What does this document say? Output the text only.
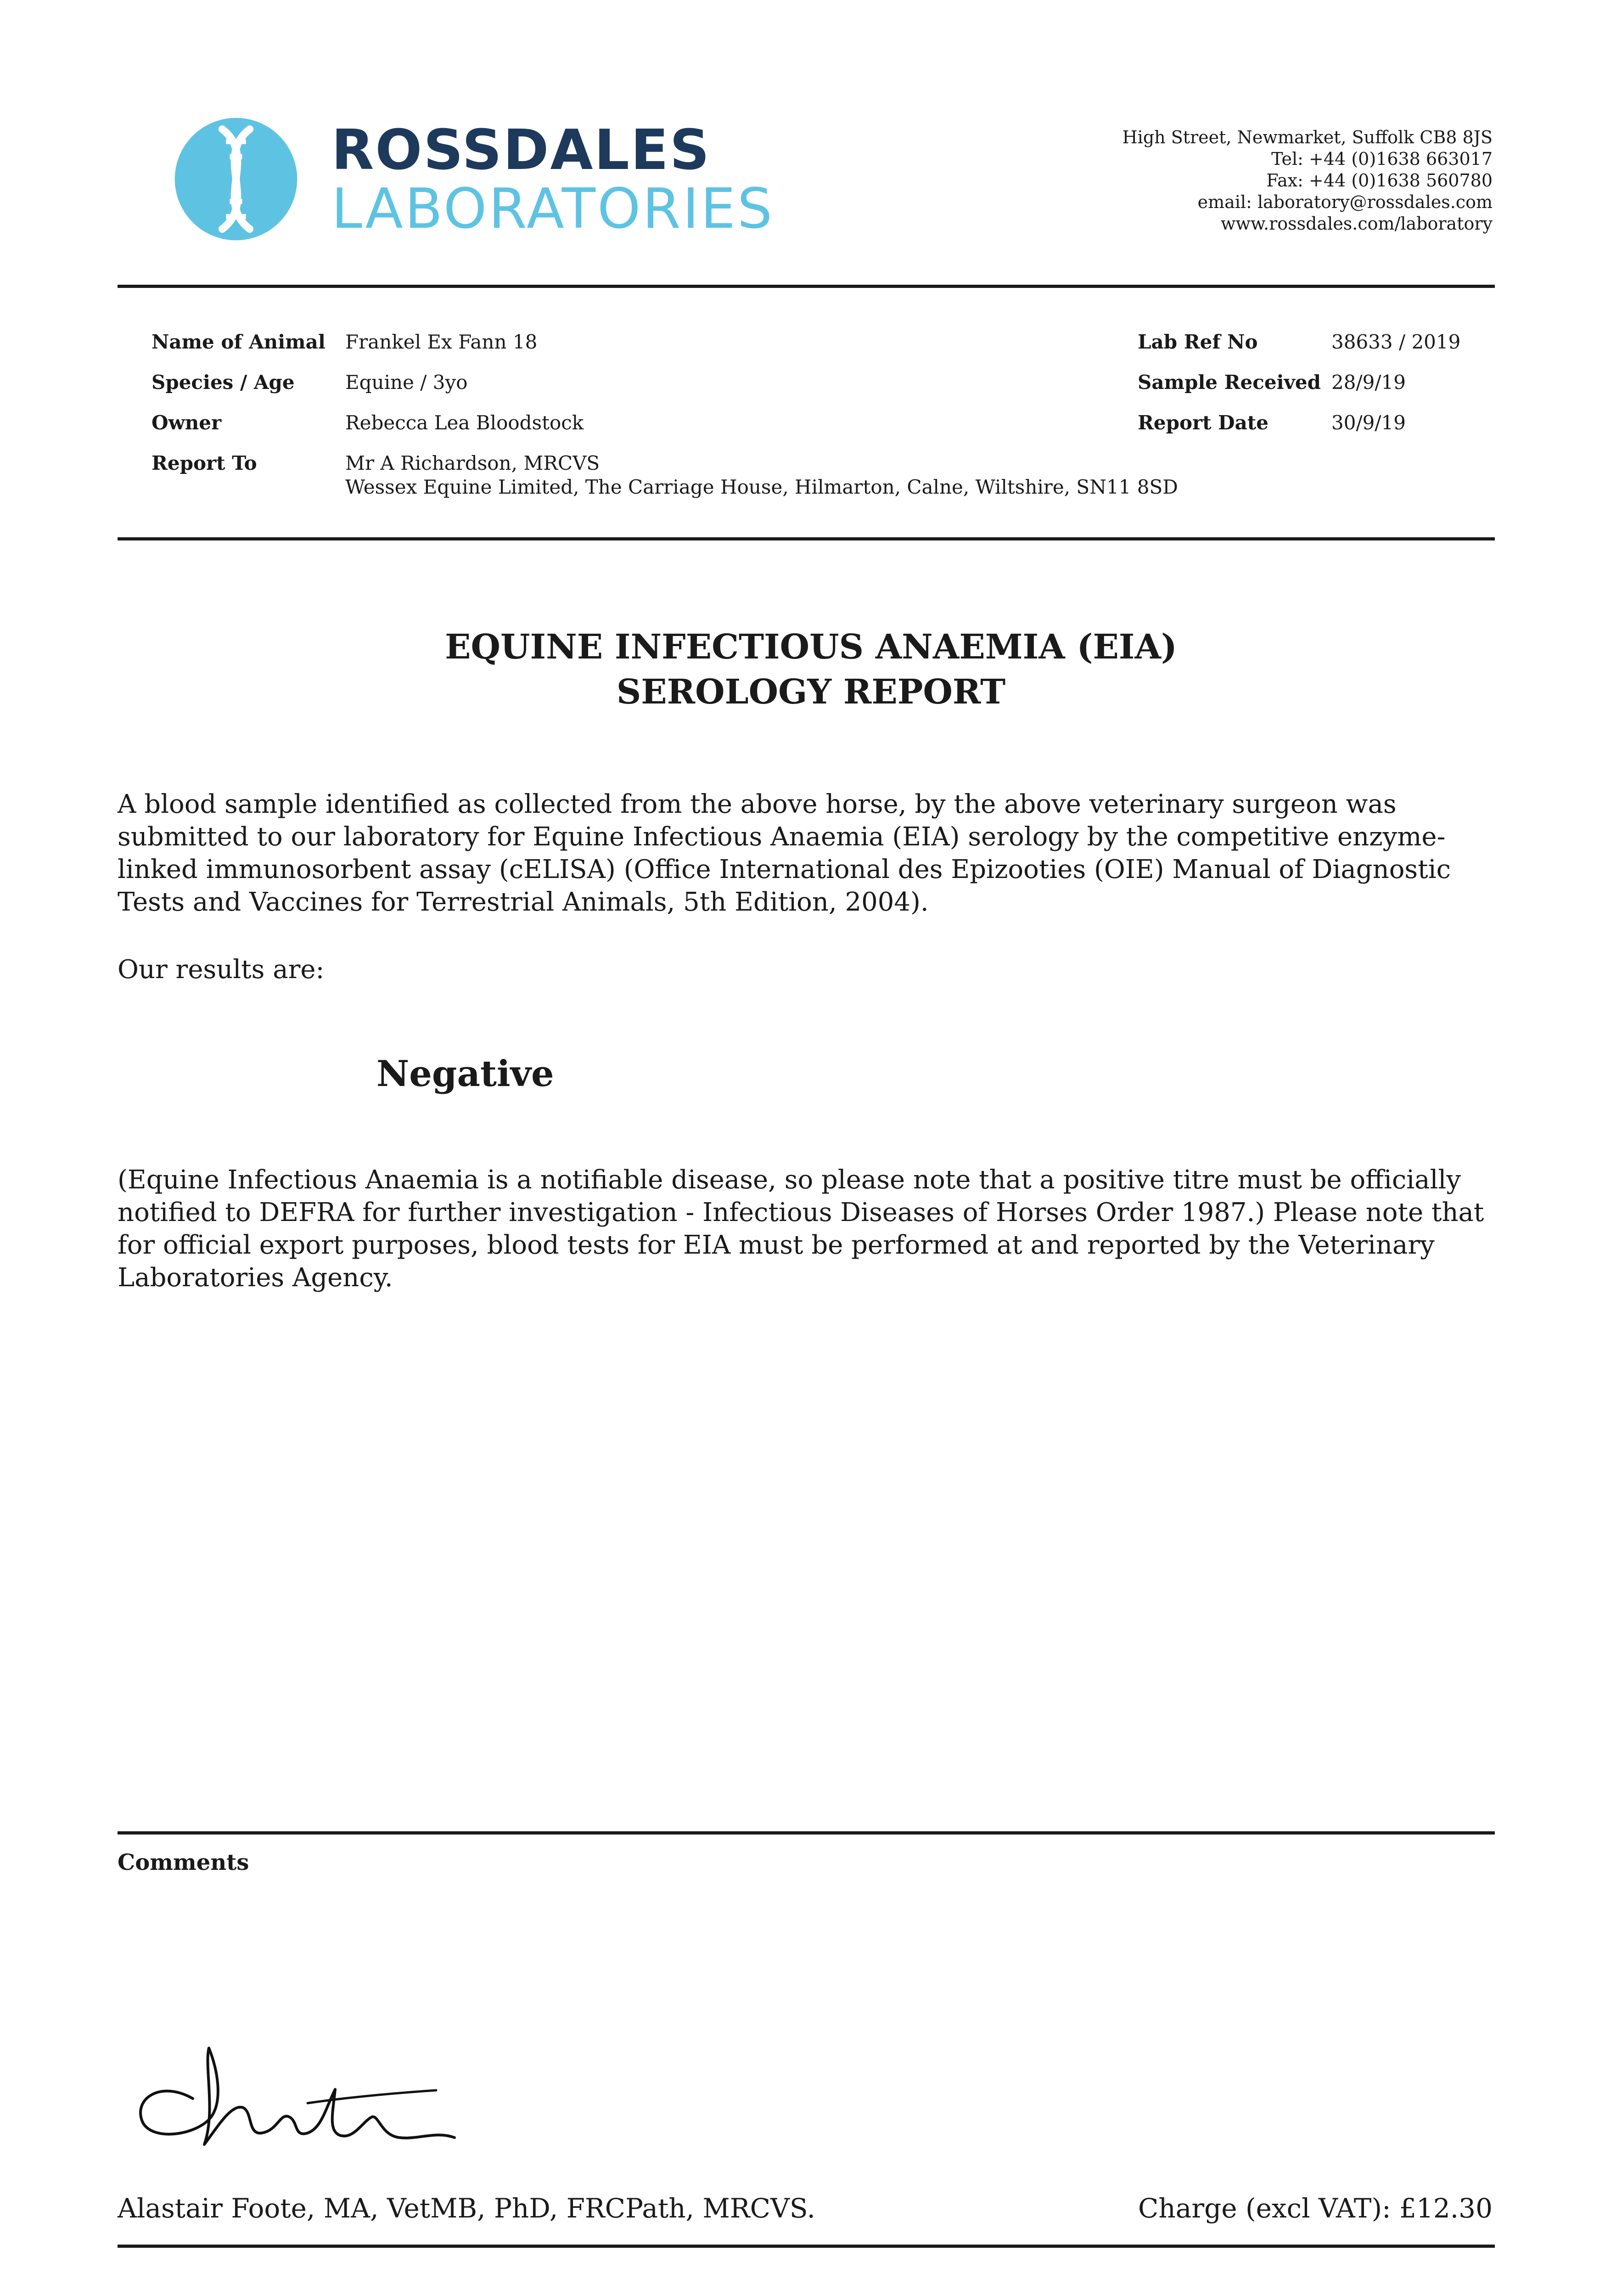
ROSSDALES
LABORATORIES
High Street, Newmarket, Suffolk CB8 8JS
Tel: +44 (0)1638 663017
Fax: +44 (0)1638 560780
email: laboratory@rossdales.com
www.rossdales.com/laboratory
Name of Animal Frankel Ex Fann 18
Species / Age	Equine / 3yo
Owner	Rebecca Lea Bloodstock
Report To	Mr A Richardson, MRCVS
Wessex Equine Limited, The Carriage House, Hilmarton, Calne, Wiltshire, SN11 8SD
Lab Ref No	38633 / 2019
Sample Received 28/9/19
Report Date	30/9/19
EQUINE INFECTIOUS ANAEMIA (EIA)
SEROLOGY REPORT
A blood sample identified as collected from the above horse, by the above veterinary surgeon was submitted to our laboratory for Equine Infectious Anaemia (EIA) serology by the competitive enzyme-linked immunosorbent assay (cELISA) (Office International des Epizooties (OIE) Manual of Diagnostic Tests and Vaccines for Terrestrial Animals, 5th Edition, 2004).
Our results are:
Negative
(Equine Infectious Anaemia is a notifiable disease, so please note that a positive titre must be officially notified to DEFRA for further investigation - Infectious Diseases of Horses Order 1987.) Please note that for official export purposes, blood tests for EIA must be performed at and reported by the Veterinary Laboratories Agency.
Comments
Alastair Foote, MA, VetMB, PhD, FRCPath, MRCVS.	Charge (excl VAT): £12.30
